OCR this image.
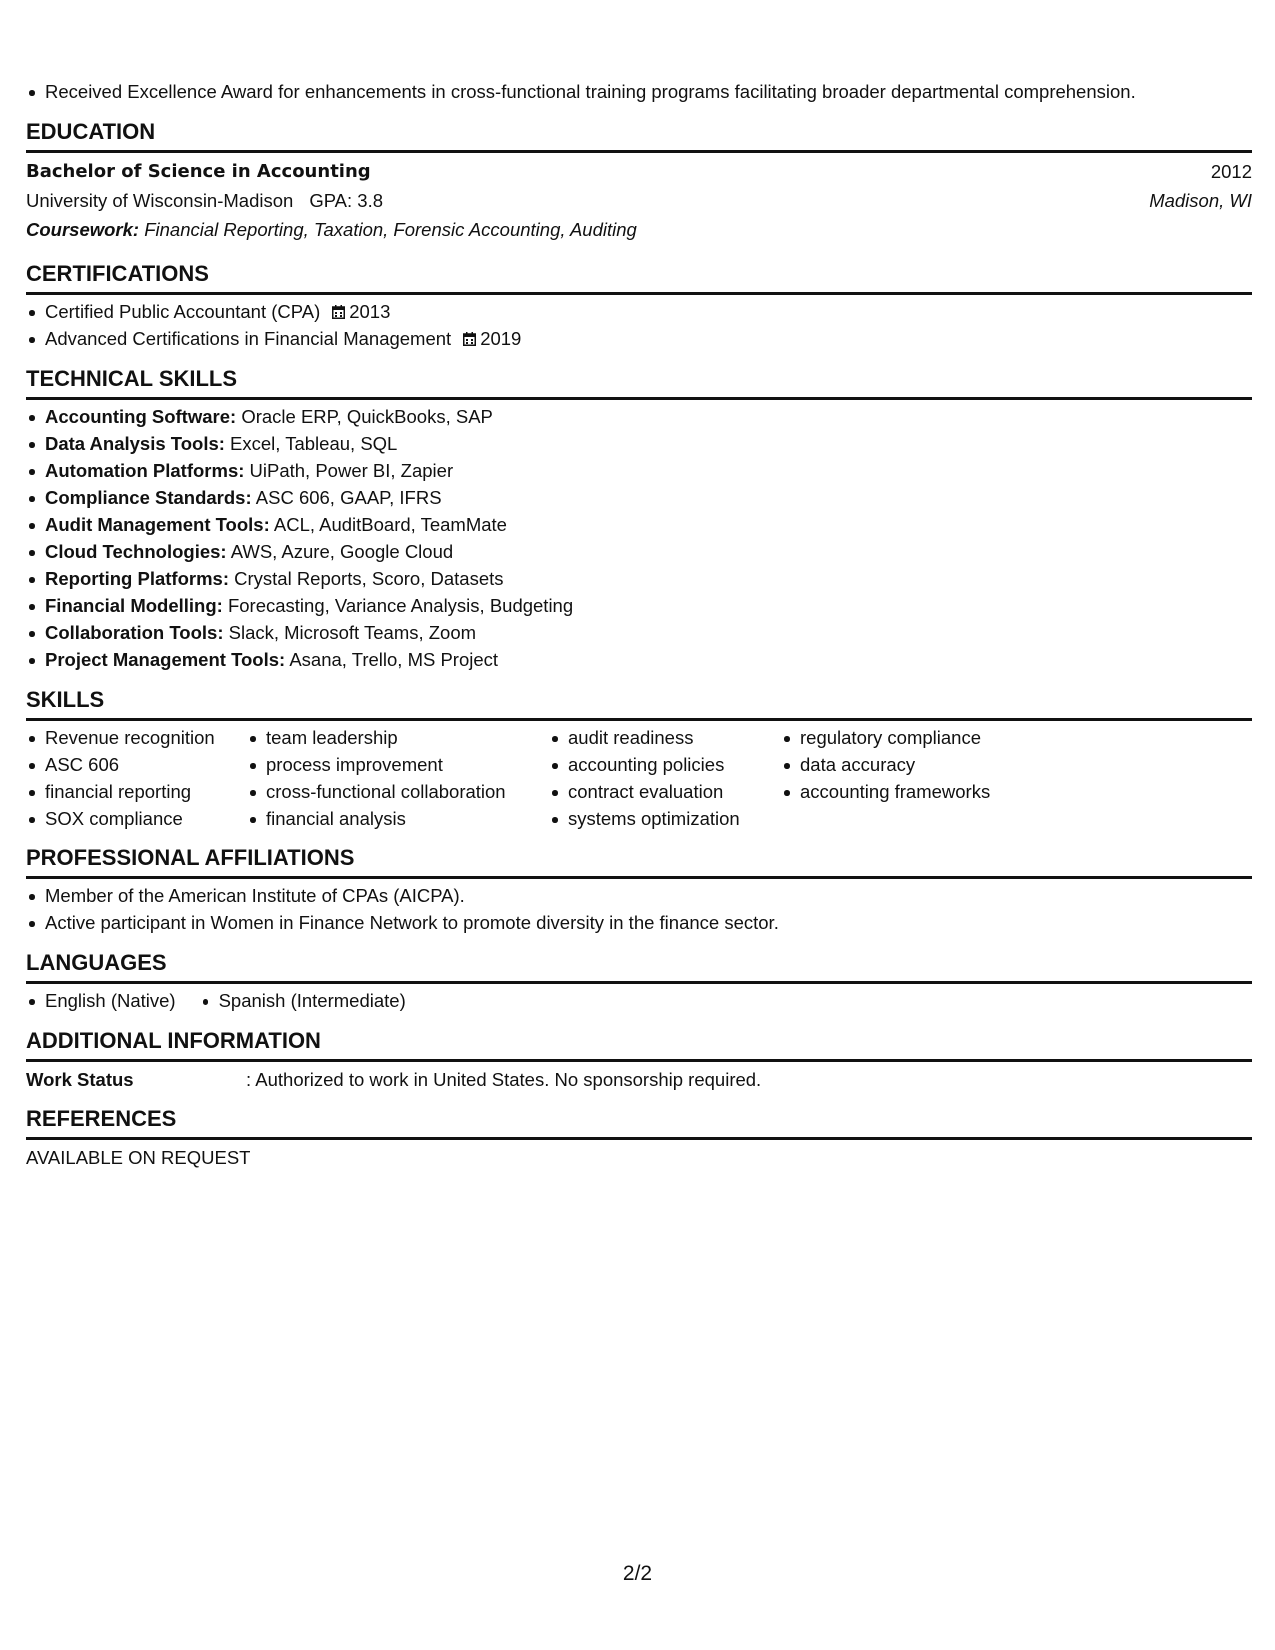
Received Excellence Award for enhancements in cross-functional training programs facilitating broader departmental comprehension.
EDUCATION
Bachelor of Science in Accounting	2012
University of Wisconsin-Madison GPA: 3.8	Madison, WI
Coursework: Financial Reporting, Taxation, Forensic Accounting, Auditing
CERTIFICATIONS
Certified Public Accountant (CPA) 2013
Advanced Certifications in Financial Management 2019
TECHNICAL SKILLS
Accounting Software: Oracle ERP, QuickBooks, SAP
Data Analysis Tools: Excel, Tableau, SQL
Automation Platforms: UiPath, Power BI, Zapier
Compliance Standards: ASC 606, GAAP, IFRS
Audit Management Tools: ACL, AuditBoard, TeamMate
Cloud Technologies: AWS, Azure, Google Cloud
Reporting Platforms: Crystal Reports, Scoro, Datasets
Financial Modelling: Forecasting, Variance Analysis, Budgeting
Collaboration Tools: Slack, Microsoft Teams, Zoom
Project Management Tools: Asana, Trello, MS Project
SKILLS
Revenue recognition
ASC 606
financial reporting
SOX compliance
team leadership
process improvement
cross-functional collaboration
financial analysis
audit readiness
accounting policies
contract evaluation
systems optimization
regulatory compliance
data accuracy
accounting frameworks
PROFESSIONAL AFFILIATIONS
Member of the American Institute of CPAs (AICPA).
Active participant in Women in Finance Network to promote diversity in the finance sector.
LANGUAGES
English (Native)	Spanish (Intermediate)
ADDITIONAL INFORMATION
Work Status	: Authorized to work in United States. No sponsorship required.
REFERENCES
AVAILABLE ON REQUEST
2/2
